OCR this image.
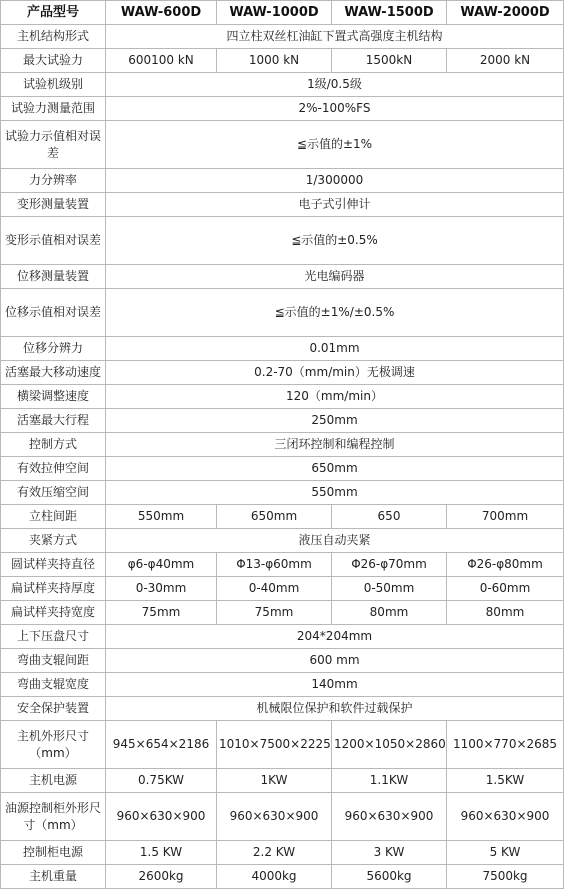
产品型号	WAW-600D	WAW-1000D	WAW-1500D	WAW-2000D
主机结构形式	四立柱双丝杠油缸下置式高强度主机结构			
最大试验力	600100 kN	1000 kN	1500kN	2000 kN
试验机级别	1级/0.5级			
试验力测量范围	2%-100%FS			
试验力示值相对误差	≦示值的±1%			
力分辨率	1/300000			
变形测量装置	电子式引伸计			
变形示值相对误差	≦示值的±0.5%			
位移测量装置	光电编码器			
位移示值相对误差	≦示值的±1%/±0.5%			
位移分辨力	0.01mm			
活塞最大移动速度	0.2-70（mm/min）无极调速			
横梁调整速度	120（mm/min）			
活塞最大行程	250mm			
控制方式	三闭环控制和编程控制			
有效拉伸空间	650mm			
有效压缩空间	550mm			
立柱间距	550mm	650mm	650	700mm
夹紧方式	液压自动夹紧			
圆试样夹持直径	φ6-φ40mm	Φ13-φ60mm	Φ26-φ70mm	Φ26-φ80mm
扁试样夹持厚度	0-30mm	0-40mm	0-50mm	0-60mm
扁试样夹持宽度	75mm	75mm	80mm	80mm
上下压盘尺寸	204*204mm			
弯曲支辊间距	600 mm			
弯曲支辊宽度	140mm			
安全保护装置	机械限位保护和软件过载保护			
主机外形尺寸（mm）	945×654×2186	1010×7500×2225	1200×1050×2860	1100×770×2685
主机电源	0.75KW	1KW	1.1KW	1.5KW
油源控制柜外形尺寸（mm）	960×630×900	960×630×900	960×630×900	960×630×900
控制柜电源	1.5 KW	2.2 KW	3 KW	5 KW
主机重量	2600kg	4000kg	5600kg	7500kg
